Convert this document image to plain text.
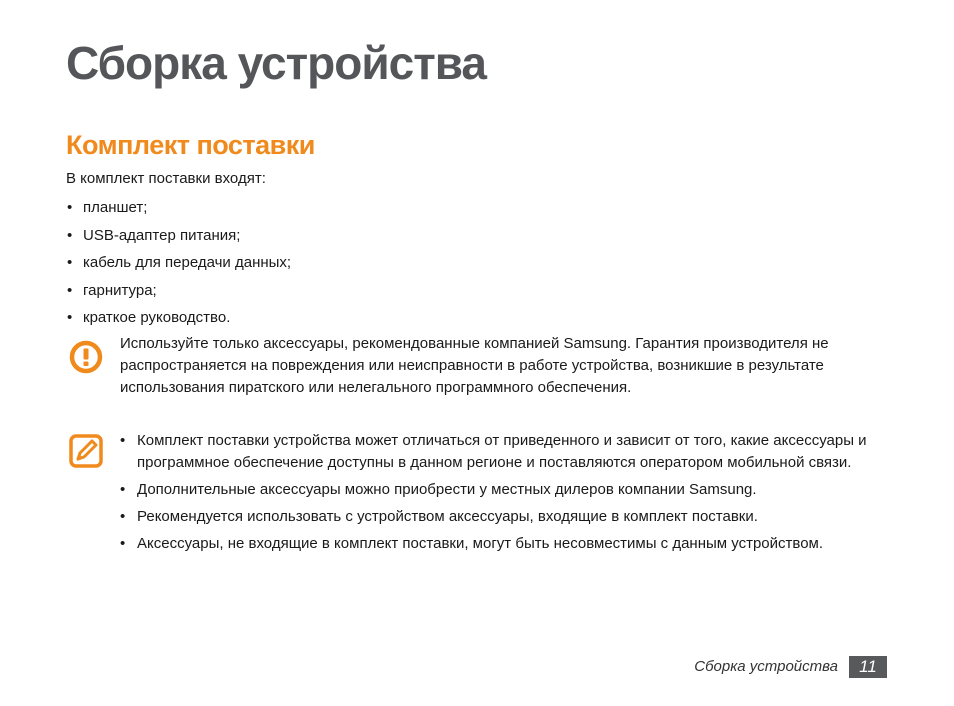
Сборка устройства
Комплект поставки
В комплект поставки входят:
• планшет;
• USB-адаптер питания;
• кабель для передачи данных;
• гарнитура;
• краткое руководство.
Используйте только аксессуары, рекомендованные компанией Samsung. Гарантия производителя не распространяется на повреждения или неисправности в работе устройства, возникшие в результате использования пиратского или нелегального программного обеспечения.
• Комплект поставки устройства может отличаться от приведенного и зависит от того, какие аксессуары и программное обеспечение доступны в данном регионе и поставляются оператором мобильной связи.
• Дополнительные аксессуары можно приобрести у местных дилеров компании Samsung.
• Рекомендуется использовать с устройством аксессуары, входящие в комплект поставки.
• Аксессуары, не входящие в комплект поставки, могут быть несовместимы с данным устройством.
Сборка устройства	11
